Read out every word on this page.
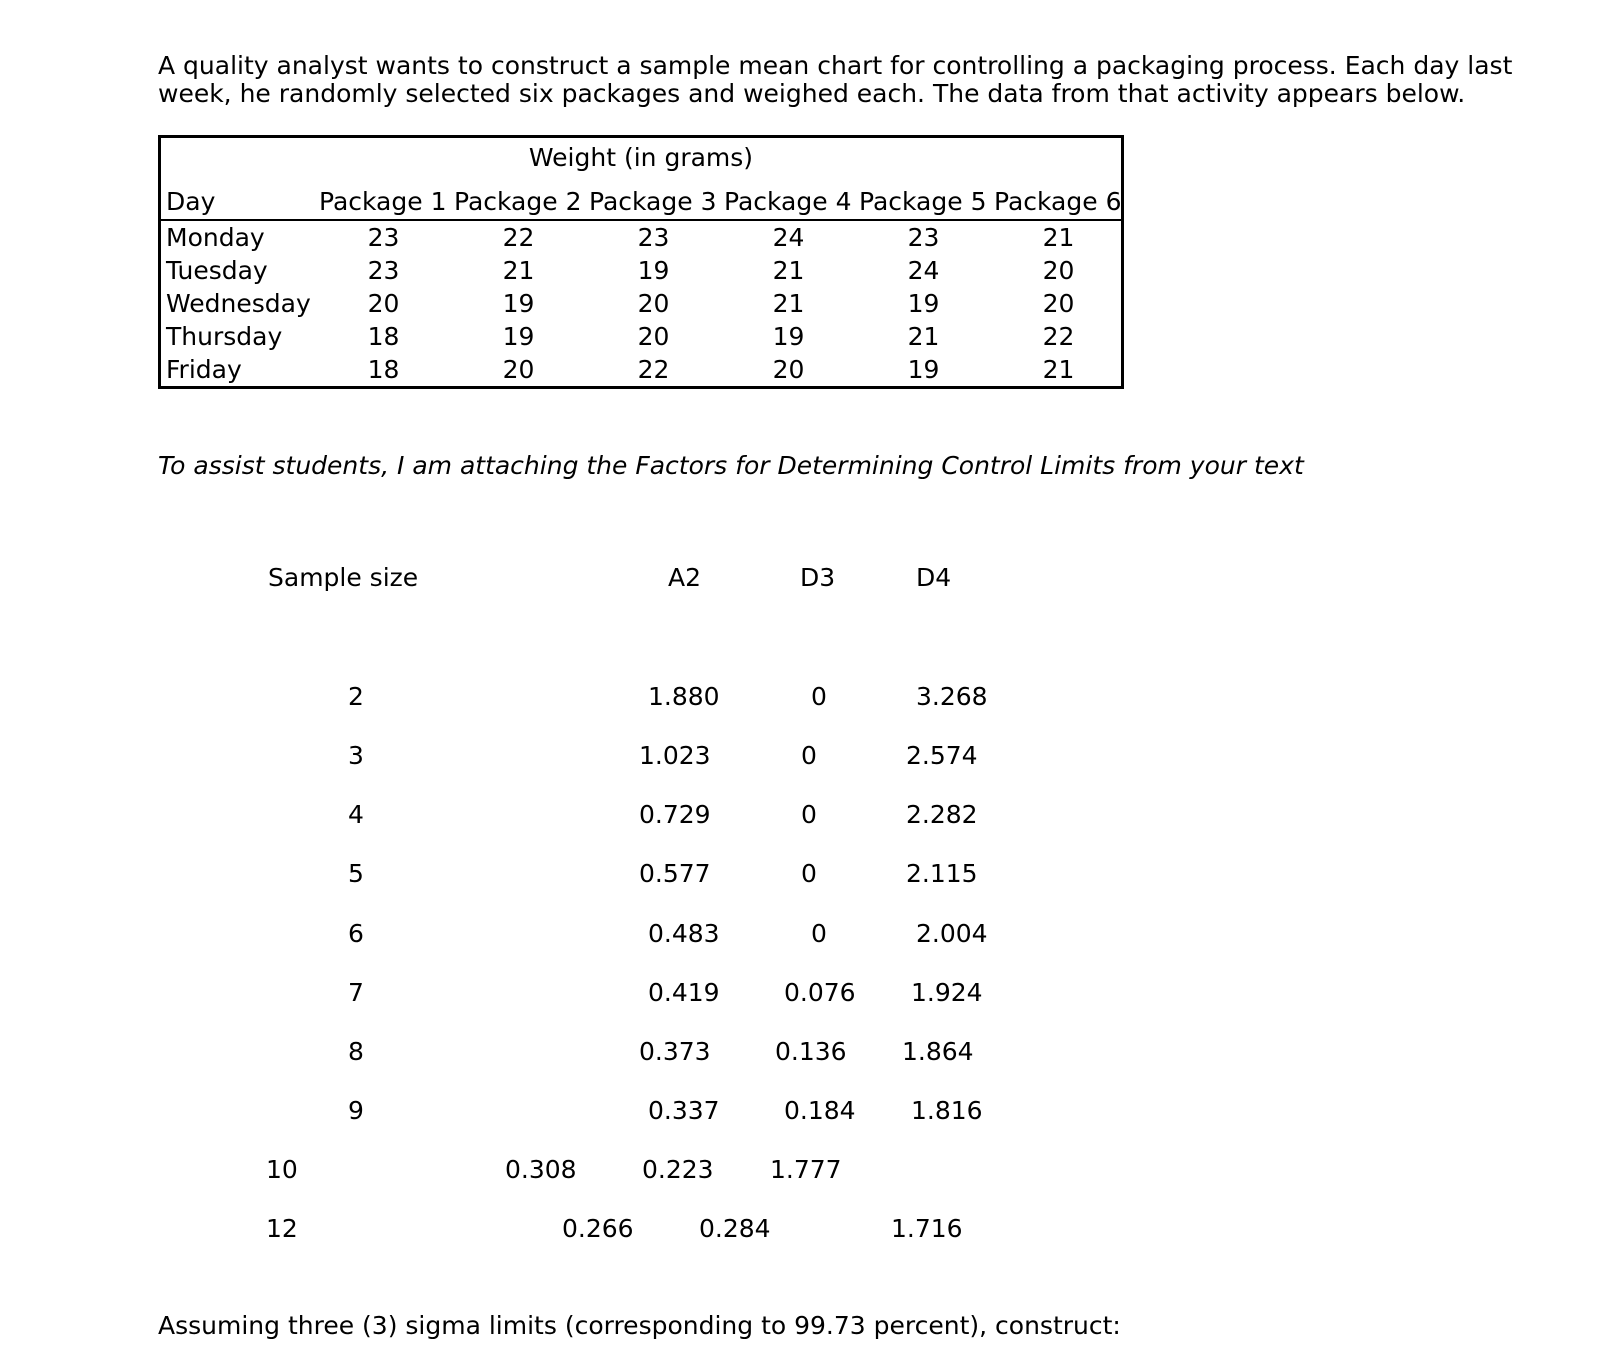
A quality analyst wants to construct a sample mean chart for controlling a packaging process. Each day last week, he randomly selected six packages and weighed each. The data from that activity appears below.

Weight (in grams)
Day	Package 1 Package 2 Package 3 Package 4 Package 5 Package 6
Monday	23	22	23	24	23	21
Tuesday	23	21	19	21	24	20
Wednesday	20	19	20	21	19	20
Thursday	18	19	20	19	21	22
Friday	18	20	22	20	19	21

To assist students, I am attaching the Factors for Determining Control Limits from your text

Sample size	A2	D3	D4
2	1.880	0	3.268
3	1.023	0	2.574
4	0.729	0	2.282
5	0.577	0	2.115
6	0.483	0	2.004
7	0.419	0.076 1.924
8	0.373	0.136 1.864
9	0.337	0.184 1.816
10	0.308	0.223 1.777
12	0.266	0.284	1.716

Assuming three (3) sigma limits (corresponding to 99.73 percent), construct:
